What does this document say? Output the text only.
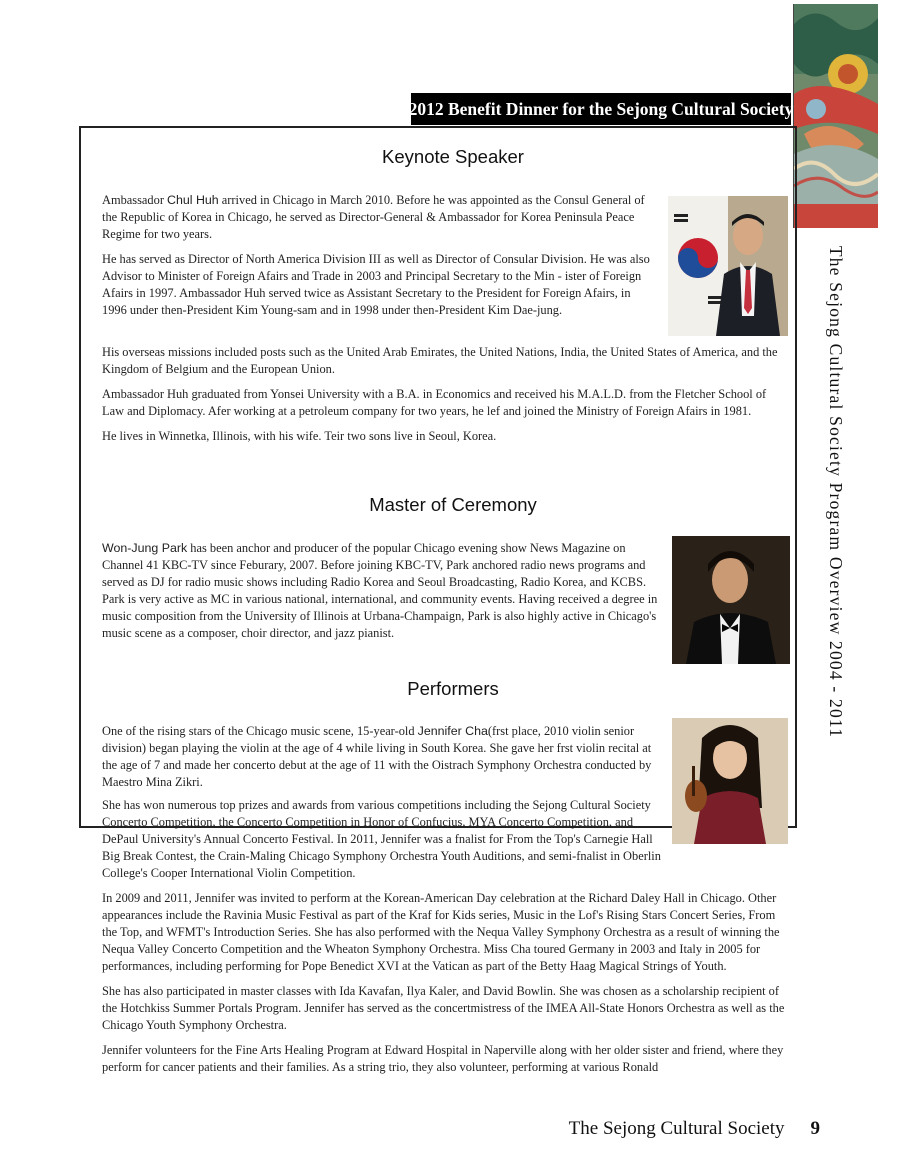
2012 Benefit Dinner for the Sejong Cultural Society
The Sejong Cultural Society Program Overview 2004 - 2011
Keynote Speaker

Ambassador Chul Huh arrived in Chicago in March 2010. Before he was appointed as the Consul General of the Republic of Korea in Chicago, he served as Director-General & Ambassador for Korea Peninsula Peace Regime for two years.

He has served as Director of North America Division III as well as Director of Consular Division. He was also Advisor to Minister of Foreign Afairs and Trade in 2003 and Principal Secretary to the Min - ister of Foreign Afairs in 1997. Ambassador Huh served twice as Assistant Secretary to the President for Foreign Afairs, in 1996 under then-President Kim Young-sam and in 1998 under then-President Kim Dae-jung.

His overseas missions included posts such as the United Arab Emirates, the United Nations, India, the United States of America, and the Kingdom of Belgium and the European Union.

Ambassador Huh graduated from Yonsei University with a B.A. in Economics and received his M.A.L.D. from the Fletcher School of Law and Diplomacy. Afer working at a petroleum company for two years, he lef and joined the Ministry of Foreign Afairs in 1981.

He lives in Winnetka, Illinois, with his wife. Teir two sons live in Seoul, Korea.

Master of Ceremony

Won-Jung Park has been anchor and producer of the popular Chicago evening show News Magazine on Channel 41 KBC-TV since Feburary, 2007. Before joining KBC-TV, Park anchored radio news programs and served as DJ for radio music shows including Radio Korea and Seoul Broadcasting, Radio Korea, and KCBS. Park is very active as MC in various national, international, and community events. Having received a degree in music composition from the University of Illinois at Urbana-Champaign, Park is also highly active in Chicago's music scene as a composer, choir director, and jazz pianist.

Performers

One of the rising stars of the Chicago music scene, 15-year-old Jennifer Cha(frst place, 2010 violin senior division) began playing the violin at the age of 4 while living in South Korea. She gave her frst violin recital at the age of 7 and made her concerto debut at the age of 11 with the Oistrach Symphony Orchestra conducted by Maestro Mina Zikri.

She has won numerous top prizes and awards from various competitions including the Sejong Cultural Society Concerto Competition, the Concerto Competition in Honor of Confucius, MYA Concerto Competition, and DePaul University's Annual Concerto Festival. In 2011, Jennifer was a fnalist for From the Top's Carnegie Hall Big Break Contest, the Crain-Maling Chicago Symphony Orchestra Youth Auditions, and semi-fnalist in Oberlin College's Cooper International Violin Competition.

In 2009 and 2011, Jennifer was invited to perform at the Korean-American Day celebration at the Richard Daley Hall in Chicago. Other appearances include the Ravinia Music Festival as part of the Kraf for Kids series, Music in the Lof's Rising Stars Concert Series, From the Top, and WFMT's Introduction Series. She has also performed with the Nequa Valley Symphony Orchestra as a result of winning the Nequa Valley Concerto Competition and the Wheaton Symphony Orchestra. Miss Cha toured Germany in 2003 and Italy in 2005 for performances, including performing for Pope Benedict XVI at the Vatican as part of the Betty Haag Magical Strings of Youth.

She has also participated in master classes with Ida Kavafan, Ilya Kaler, and David Bowlin. She was chosen as a scholarship recipient of the Hotchkiss Summer Portals Program. Jennifer has served as the concertmistress of the IMEA All-State Honors Orchestra as well as the Chicago Youth Symphony Orchestra.

Jennifer volunteers for the Fine Arts Healing Program at Edward Hospital in Naperville along with her older sister and friend, where they perform for cancer patients and their families. As a string trio, they also volunteer, performing at various Ronald

The Sejong Cultural Society 9
